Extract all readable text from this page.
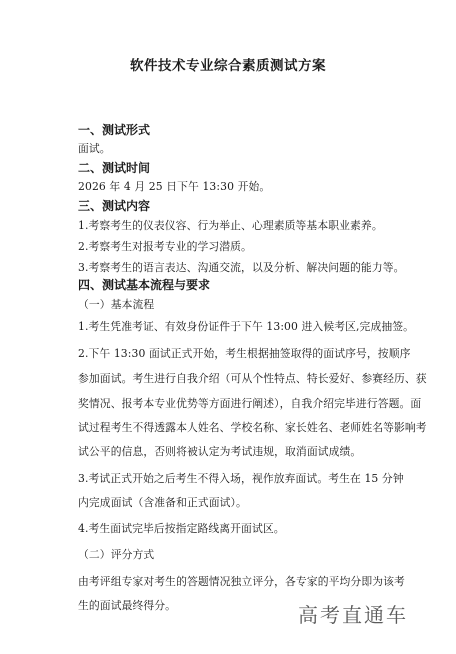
软件技术专业综合素质测试方案
一、测试形式
面试。
二、测试时间
2026 年 4 月 25 日下午 13:30 开始。
三、测试内容
1.考察考生的仪表仪容、行为举止、心理素质等基本职业素养。
2.考察考生对报考专业的学习潜质。
3.考察考生的语言表达、沟通交流，以及分析、解决问题的能力等。
四、测试基本流程与要求
（一）基本流程
1.考生凭准考证、有效身份证件于下午 13:00 进入候考区,完成抽签。
2.下午 13:30 面试正式开始，考生根据抽签取得的面试序号，按顺序
参加面试。考生进行自我介绍（可从个性特点、特长爱好、参赛经历、获
奖情况、报考本专业优势等方面进行阐述），自我介绍完毕进行答题。面
试过程考生不得透露本人姓名、学校名称、家长姓名、老师姓名等影响考
试公平的信息，否则将被认定为考试违规，取消面试成绩。
3.考试正式开始之后考生不得入场，视作放弃面试。考生在 15 分钟
内完成面试（含准备和正式面试）。
4.考生面试完毕后按指定路线离开面试区。
（二）评分方式
由考评组专家对考生的答题情况独立评分，各专家的平均分即为该考
生的面试最终得分。	高考直通车
